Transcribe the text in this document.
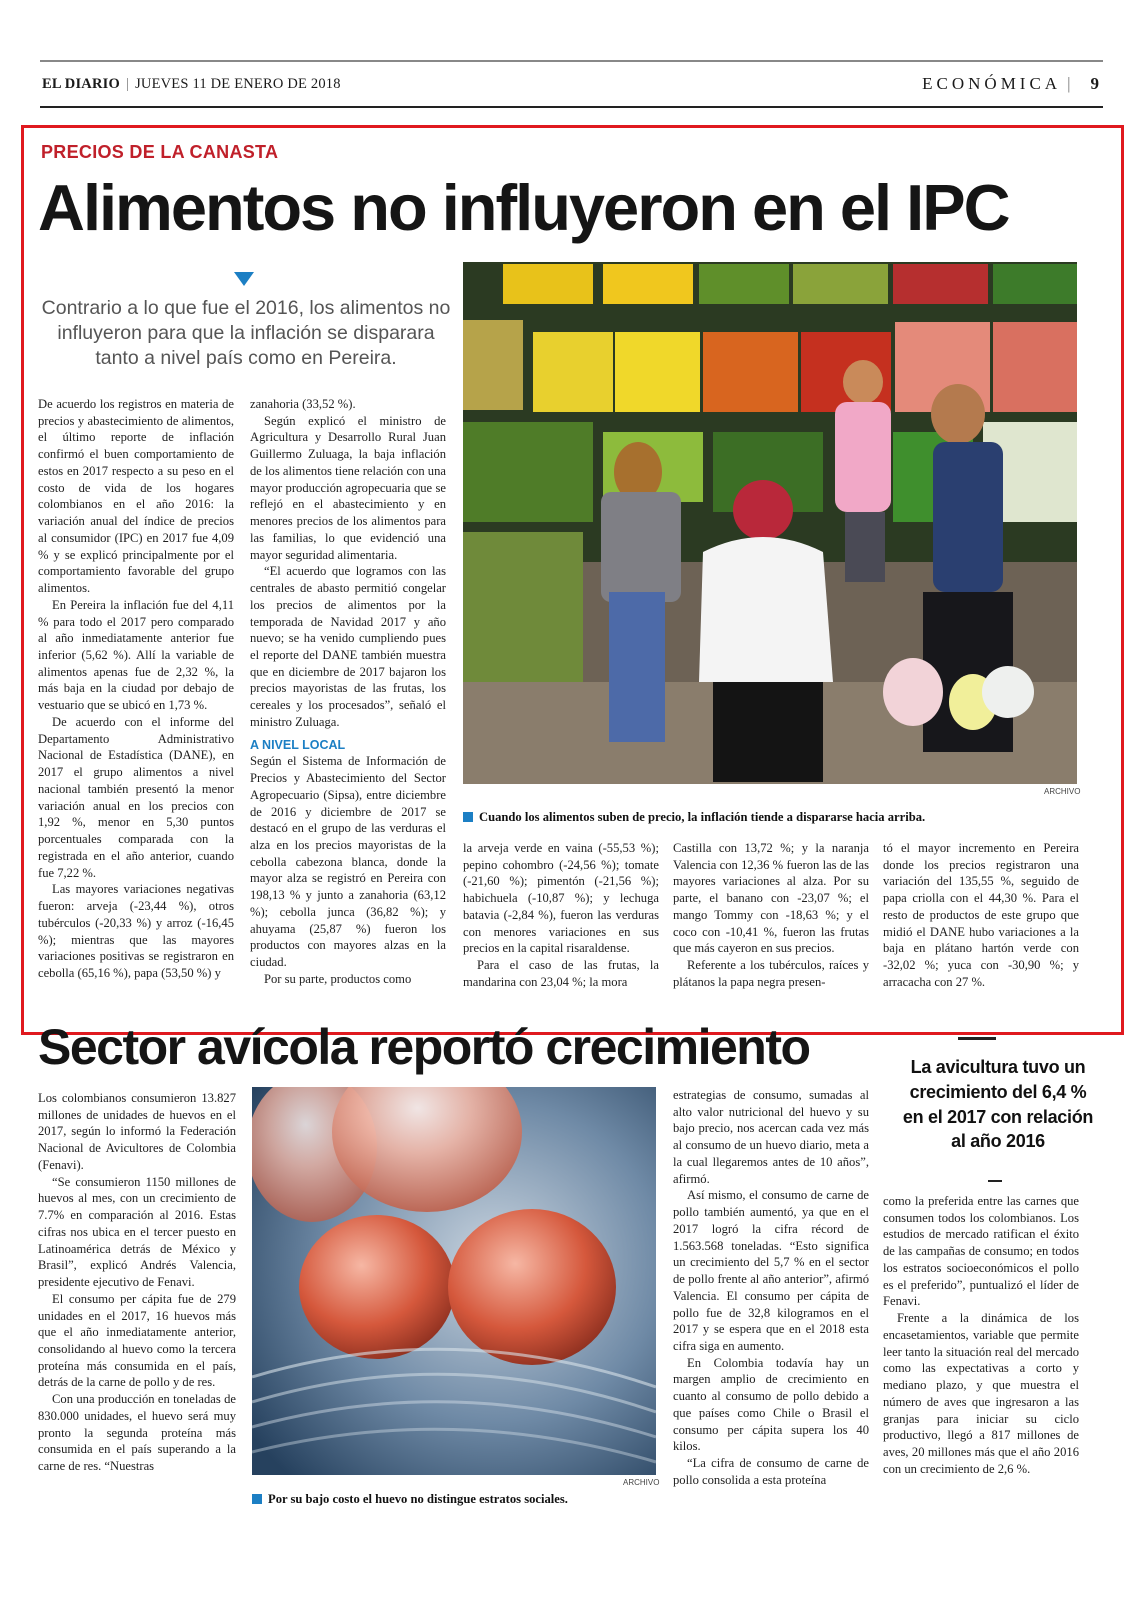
EL DIARIO | JUEVES 11 DE ENERO DE 2018	ECONÓMICA | 9
PRECIOS DE LA CANASTA
Alimentos no influyeron en el IPC
Contrario a lo que fue el 2016, los alimentos no influyeron para que la inflación se disparara tanto a nivel país como en Pereira.

De acuerdo los registros en materia de precios y abastecimiento de alimentos, el último reporte de inflación confirmó el buen comportamiento de estos en 2017 respecto a su peso en el costo de vida de los hogares colombianos en el año 2016: la variación anual del índice de precios al consumidor (IPC) en 2017 fue 4,09 % y se explicó principalmente por el comportamiento favorable del grupo alimentos.

En Pereira la inflación fue del 4,11 % para todo el 2017 pero comparado al año inmediatamente anterior fue inferior (5,62 %). Allí la variable de alimentos apenas fue de 2,32 %, la más baja en la ciudad por debajo de vestuario que se ubicó en 1,73 %.

De acuerdo con el informe del Departamento Administrativo Nacional de Estadística (DANE), en 2017 el grupo alimentos a nivel nacional también presentó la menor variación anual en los precios con 1,92 %, menor en 5,30 puntos porcentuales comparada con la registrada en el año anterior, cuando fue 7,22 %.

Las mayores variaciones negativas fueron: arveja (-23,44 %), otros tubérculos (-20,33 %) y arroz (-16,45 %); mientras que las mayores variaciones positivas se registraron en cebolla (65,16 %), papa (53,50 %) y

zanahoria (33,52 %).

Según explicó el ministro de Agricultura y Desarrollo Rural Juan Guillermo Zuluaga, la baja inflación de los alimentos tiene relación con una mayor producción agropecuaria que se reflejó en el abastecimiento y en menores precios de los alimentos para las familias, lo que evidenció una mayor seguridad alimentaria.

“El acuerdo que logramos con las centrales de abasto permitió congelar los precios de alimentos por la temporada de Navidad 2017 y año nuevo; se ha venido cumpliendo pues el reporte del DANE también muestra que en diciembre de 2017 bajaron los precios mayoristas de las frutas, los cereales y los procesados”, señaló el ministro Zuluaga.

A NIVEL LOCAL

Según el Sistema de Información de Precios y Abastecimiento del Sector Agropecuario (Sipsa), entre diciembre de 2016 y diciembre de 2017 se destacó en el grupo de las verduras el alza en los precios mayoristas de la cebolla cabezona blanca, donde la mayor alza se registró en Pereira con 198,13 % y junto a zanahoria (63,12 %); cebolla junca (36,82 %); y ahuyama (25,87 %) fueron los productos con mayores alzas en la ciudad.

Por su parte, productos como

ARCHIVO
Cuando los alimentos suben de precio, la inflación tiende a dispararse hacia arriba.

la arveja verde en vaina (-55,53 %); pepino cohombro (-24,56 %); tomate (-21,60 %); pimentón (-21,56 %); habichuela (-10,87 %); y lechuga batavia (-2,84 %), fueron las verduras con menores variaciones en sus precios en la capital risaraldense.

Para el caso de las frutas, la mandarina con 23,04 %; la mora

Castilla con 13,72 %; y la naranja Valencia con 12,36 % fueron las de las mayores variaciones al alza. Por su parte, el banano con -23,07 %; el mango Tommy con -18,63 %; y el coco con -10,41 %, fueron las frutas que más cayeron en sus precios.

Referente a los tubérculos, raíces y plátanos la papa negra presen-

tó el mayor incremento en Pereira donde los precios registraron una variación del 135,55 %, seguido de papa criolla con el 44,30 %. Para el resto de productos de este grupo que midió el DANE hubo variaciones a la baja en plátano hartón verde con -32,02 %; yuca con -30,90 %; y arracacha con 27 %.

Sector avícola reportó crecimiento	La avicultura tuvo un crecimiento del 6,4 % en el 2017 con relación al año 2016

Los colombianos consumieron 13.827 millones de unidades de huevos en el 2017, según lo informó la Federación Nacional de Avicultores de Colombia (Fenavi).

“Se consumieron 1150 millones de huevos al mes, con un crecimiento de 7.7% en comparación al 2016. Estas cifras nos ubica en el tercer puesto en Latinoamérica detrás de México y Brasil”, explicó Andrés Valencia, presidente ejecutivo de Fenavi.

El consumo per cápita fue de 279 unidades en el 2017, 16 huevos más que el año inmediatamente anterior, consolidando al huevo como la tercera proteína más consumida en el país, detrás de la carne de pollo y de res.

Con una producción en toneladas de 830.000 unidades, el huevo será muy pronto la segunda proteína más consumida en el país superando a la carne de res. “Nuestras

ARCHIVO
Por su bajo costo el huevo no distingue estratos sociales.

estrategias de consumo, sumadas al alto valor nutricional del huevo y su bajo precio, nos acercan cada vez más al consumo de un huevo diario, meta a la cual llegaremos antes de 10 años”, afirmó.

Así mismo, el consumo de carne de pollo también aumentó, ya que en el 2017 logró la cifra récord de 1.563.568 toneladas. “Esto significa un crecimiento del 5,7 % en el sector de pollo frente al año anterior”, afirmó Valencia. El consumo per cápita de pollo fue de 32,8 kilogramos en el 2017 y se espera que en el 2018 esta cifra siga en aumento.

En Colombia todavía hay un margen amplio de crecimiento en cuanto al consumo de pollo debido a que países como Chile o Brasil el consumo per cápita supera los 40 kilos.

“La cifra de consumo de carne de pollo consolida a esta proteína

como la preferida entre las carnes que consumen todos los colombianos. Los estudios de mercado ratifican el éxito de las campañas de consumo; en todos los estratos socioeconómicos el pollo es el preferido”, puntualizó el líder de Fenavi.

Frente a la dinámica de los encasetamientos, variable que permite leer tanto la situación real del mercado como las expectativas a corto y mediano plazo, y que muestra el número de aves que ingresaron a las granjas para iniciar su ciclo productivo, llegó a 817 millones de aves, 20 millones más que el año 2016 con un crecimiento de 2,6 %.
